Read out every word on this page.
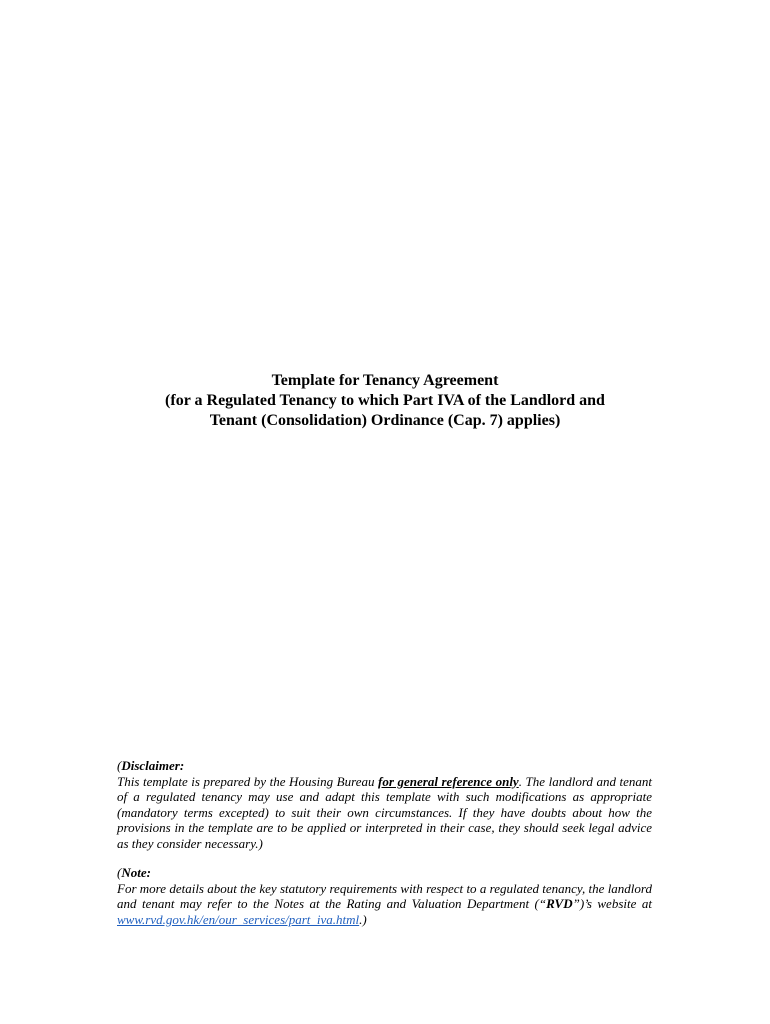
Template for Tenancy Agreement
(for a Regulated Tenancy to which Part IVA of the Landlord and
Tenant (Consolidation) Ordinance (Cap. 7) applies)

(Disclaimer:

This template is prepared by the Housing Bureau for general reference only. The landlord and tenant of a regulated tenancy may use and adapt this template with such modifications as appropriate (mandatory terms excepted) to suit their own circumstances. If they have doubts about how the provisions in the template are to be applied or interpreted in their case, they should seek legal advice as they consider necessary.)

(Note:

For more details about the key statutory requirements with respect to a regulated tenancy, the landlord and tenant may refer to the Notes at the Rating and Valuation Department (“RVD”)’s website at www.rvd.gov.hk/en/our_services/part_iva.html.)
